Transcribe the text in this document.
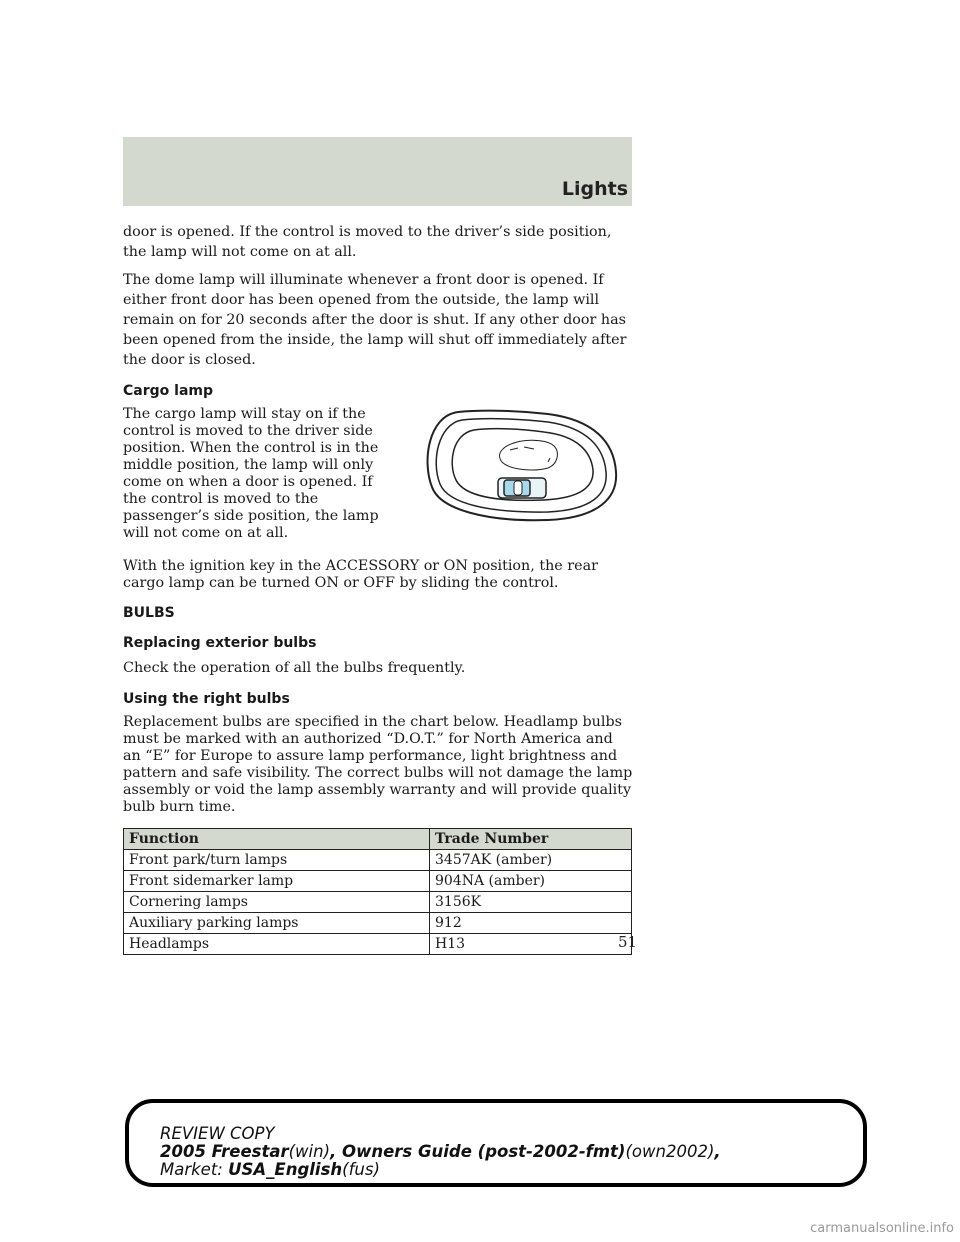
Lights

door is opened. If the control is moved to the driver’s side position, the lamp will not come on at all.

The dome lamp will illuminate whenever a front door is opened. If either front door has been opened from the outside, the lamp will remain on for 20 seconds after the door is shut. If any other door has been opened from the inside, the lamp will shut off immediately after the door is closed.

Cargo lamp

The cargo lamp will stay on if the control is moved to the driver side position. When the control is in the middle position, the lamp will only come on when a door is opened. If the control is moved to the passenger’s side position, the lamp will not come on at all.

With the ignition key in the ACCESSORY or ON position, the rear cargo lamp can be turned ON or OFF by sliding the control.

BULBS
Replacing exterior bulbs

Check the operation of all the bulbs frequently.

Using the right bulbs

Replacement bulbs are specified in the chart below. Headlamp bulbs must be marked with an authorized “D.O.T.” for North America and an “E” for Europe to assure lamp performance, light brightness and pattern and safe visibility. The correct bulbs will not damage the lamp assembly or void the lamp assembly warranty and will provide quality bulb burn time.

Function	Trade Number
Front park/turn lamps	3457AK (amber)
Front sidemarker lamp	904NA (amber)
Cornering lamps	3156K
Auxiliary parking lamps	912
Headlamps	H13	51
REVIEW COPY
2005 Freestar(win), Owners Guide (post-2002-fmt)(own2002),
Market: USA_English(fus)
carmanualsonline.info
